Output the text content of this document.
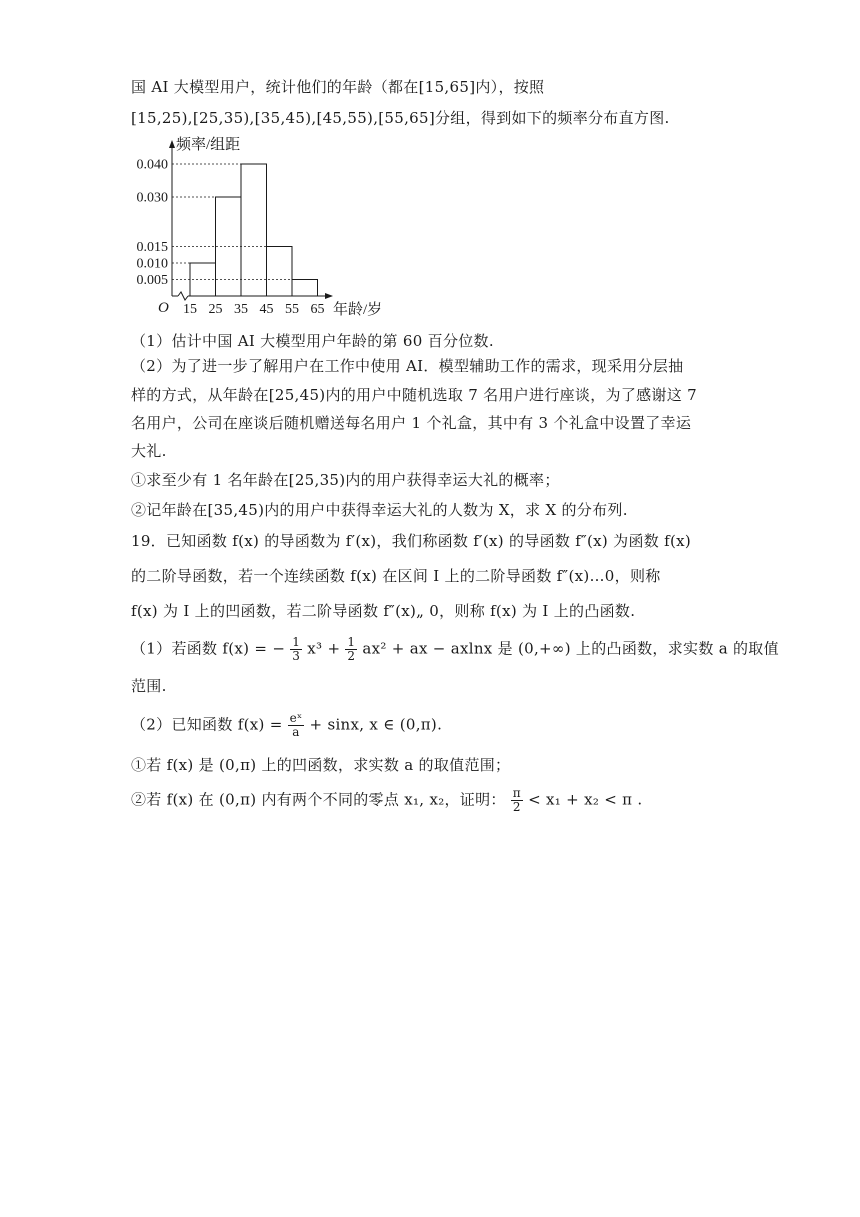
国 AI 大模型用户，统计他们的年龄（都在[15,65]内），按照
[15,25),[25,35),[35,45),[45,55),[55,65]分组，得到如下的频率分布直方图.
0.005
0.010
0.015
0.030
0.040
15 25 35 45 55 65
频率/组距
年龄/岁
O
（1）估计中国 AI 大模型用户年龄的第 60 百分位数.
（2）为了进一步了解用户在工作中使用 AI．模型辅助工作的需求，现采用分层抽
样的方式，从年龄在[25,45)内的用户中随机选取 7 名用户进行座谈，为了感谢这 7
名用户，公司在座谈后随机赠送每名用户 1 个礼盒，其中有 3 个礼盒中设置了幸运
大礼.
①求至少有 1 名年龄在[25,35)内的用户获得幸运大礼的概率；
②记年龄在[35,45)内的用户中获得幸运大礼的人数为 X，求 X 的分布列.
19．已知函数 f(x) 的导函数为 f′(x)，我们称函数 f′(x) 的导函数 f″(x) 为函数 f(x)
的二阶导函数，若一个连续函数 f(x) 在区间 I 上的二阶导函数 f″(x)…0，则称
f(x) 为 I 上的凹函数，若二阶导函数 f″(x)„ 0，则称 f(x) 为 I 上的凸函数.
（1）若函数 f(x) = − $\frac{1}{3} x^3 + \frac{1}{2} ax^2$ + ax − axlnx 是 (0,+∞) 上的凸函数，求实数 a 的取值
范围.
（2）已知函数 $f(x) = \frac{\text{eˣ}}{a} + \sin x$, x ∈ (0,π).
①若 f(x) 是 (0,π) 上的凹函数，求实数 a 的取值范围；
②若 f(x) 在 (0,π) 内有两个不同的零点 x₁, x₂，证明： $\frac{\pi}{2} < x_1 + x_2 < \pi$ .
